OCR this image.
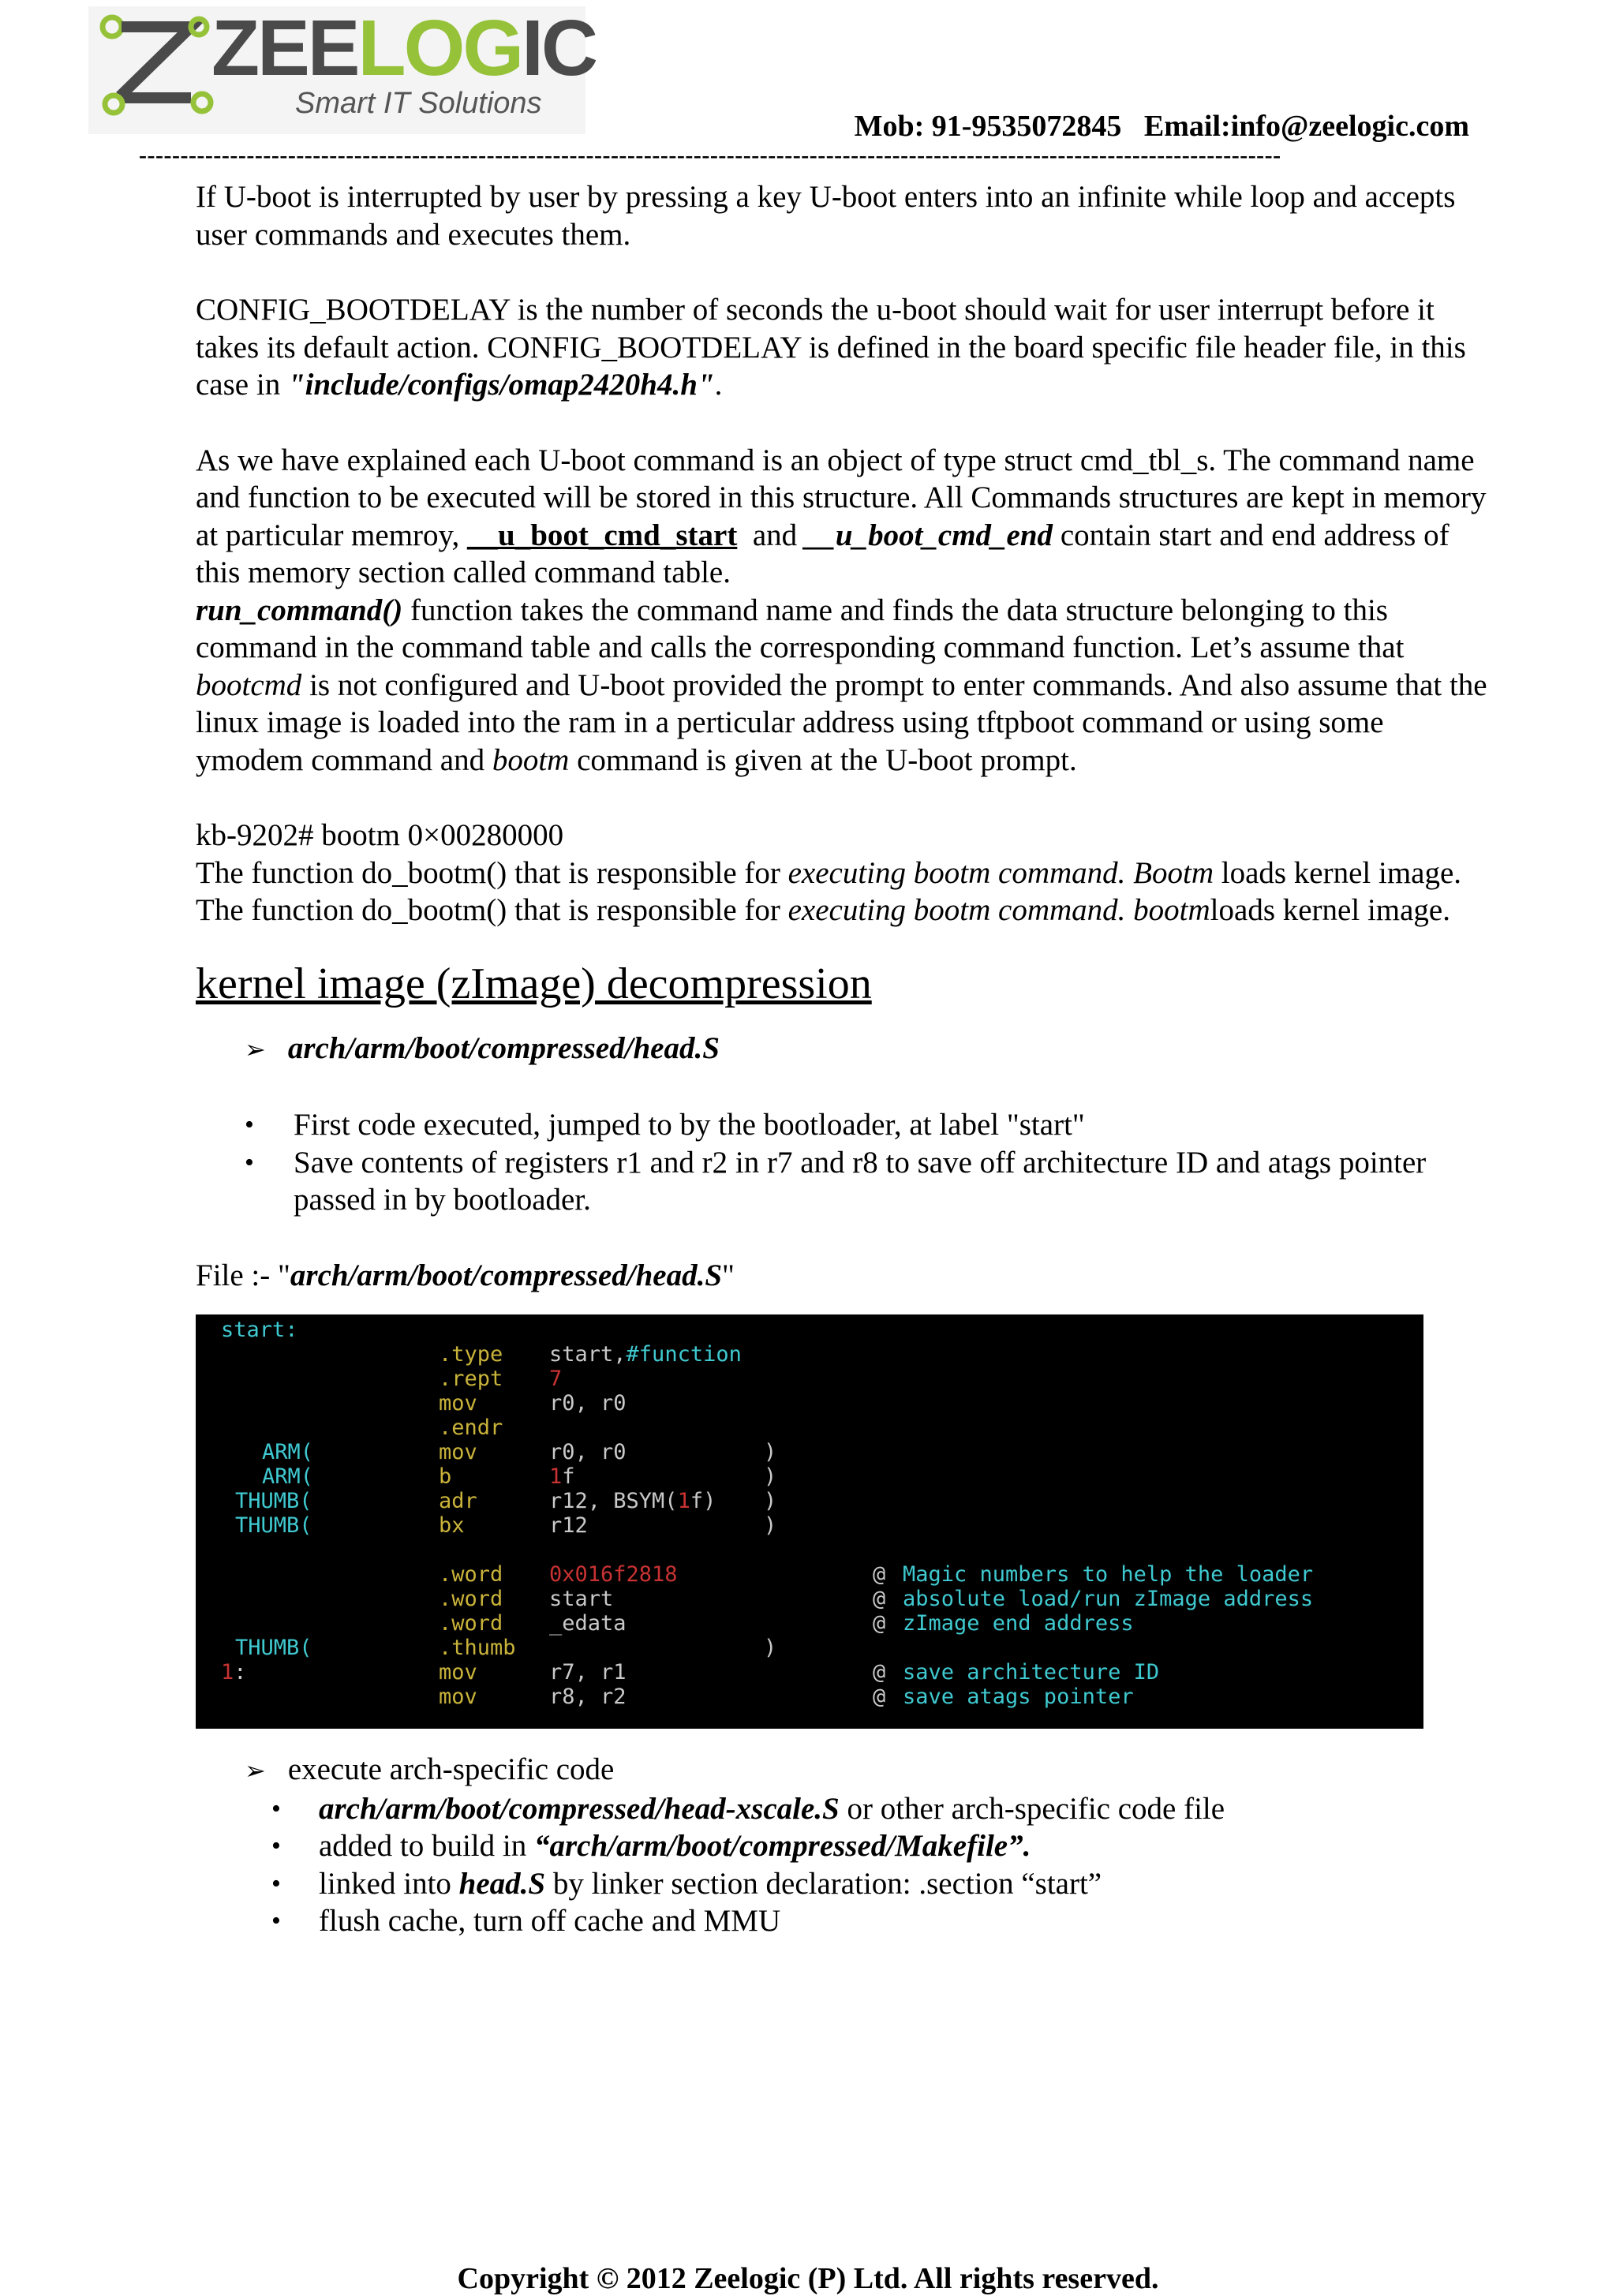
ZEELOGIC
Smart IT Solutions
Mob: 91-9535072845   Email:info@zeelogic.com
------------------------------------------------------------------------------------------------------------------------------------------

If U-boot is interrupted by user by pressing a key U-boot enters into an infinite while loop and accepts user commands and executes them.

CONFIG_BOOTDELAY is the number of seconds the u-boot should wait for user interrupt before it takes its default action. CONFIG_BOOTDELAY is defined in the board specific file header file, in this case in "include/configs/omap2420h4.h".

As we have explained each U-boot command is an object of type struct cmd_tbl_s. The command name and function to be executed will be stored in this structure. All Commands structures are kept in memory at particular memroy, __u_boot_cmd_start  and __u_boot_cmd_end contain start and end address of this memory section called command table.

run_command() function takes the command name and finds the data structure belonging to this command in the command table and calls the corresponding command function. Let’s assume that bootcmd is not configured and U-boot provided the prompt to enter commands. And also assume that the linux image is loaded into the ram in a perticular address using tftpboot command or using some ymodem command and bootm command is given at the U-boot prompt.

kb-9202# bootm 0×00280000

The function do_bootm() that is responsible for executing bootm command. Bootm loads kernel image. The function do_bootm() that is responsible for executing bootm command. bootmloads kernel image.

kernel image (zImage) decompression
➢ arch/arm/boot/compressed/head.S
• First code executed, jumped to by the bootloader, at label "start"
• Save contents of registers r1 and r2 in r7 and r8 to save off architecture ID and atags pointer passed in by bootloader.

File :- "arch/arm/boot/compressed/head.S"

start:
.type start,#function
.rept 7
mov	r0, r0
.endr
ARM(	mov	r0, r0	)
ARM(	b	1f	)
THUMB(	adr	r12, BSYM(1f) )
THUMB(	bx	r12	)
.word 0x016f2818	@ Magic numbers to help the loader
.word start	@ absolute load/run zImage address
.word _edata	@ zImage end address
THUMB(	.thumb	)
1:	mov	r7, r1	@ save architecture ID
mov	r8, r2	@ save atags pointer
➢ execute arch-specific code
• arch/arm/boot/compressed/head-xscale.S or other arch-specific code file
• added to build in “arch/arm/boot/compressed/Makefile”.
• linked into head.S by linker section declaration: .section “start”
• flush cache, turn off cache and MMU
Copyright © 2012 Zeelogic (P) Ltd. All rights reserved.
